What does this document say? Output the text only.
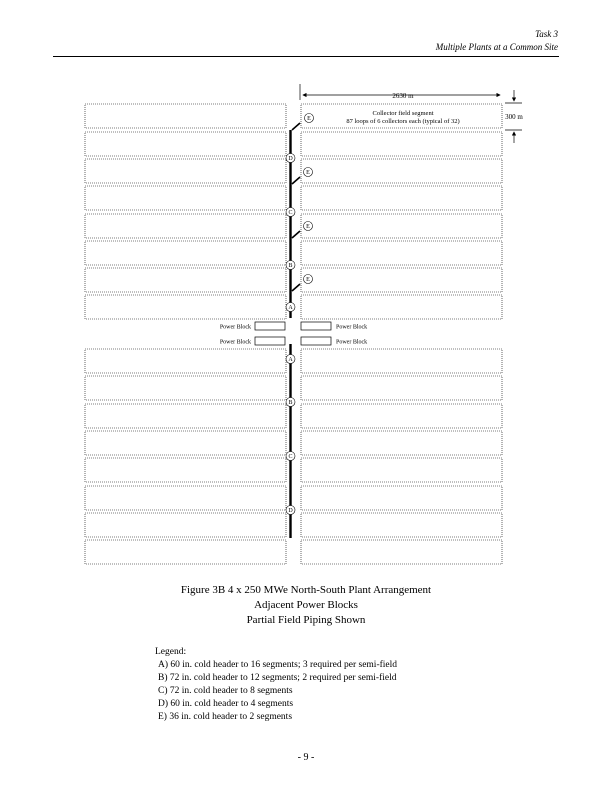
Task 3
Multiple Plants at a Common Site
2630 m
300 m
Collector field segment
87 loops of 6 collectors each (typical of 32)
E
D
E
C
E
B
E
A
A
B
C
D
Power Block	Power Block
Power Block	Power Block
Figure 3B 4 x 250 MWe North-South Plant Arrangement
Adjacent Power Blocks
Partial Field Piping Shown
Legend:
A) 60 in. cold header to 16 segments; 3 required per semi-field
B) 72 in. cold header to 12 segments; 2 required per semi-field
C) 72 in. cold header to 8 segments
D) 60 in. cold header to 4 segments
E) 36 in. cold header to 2 segments
- 9 -
